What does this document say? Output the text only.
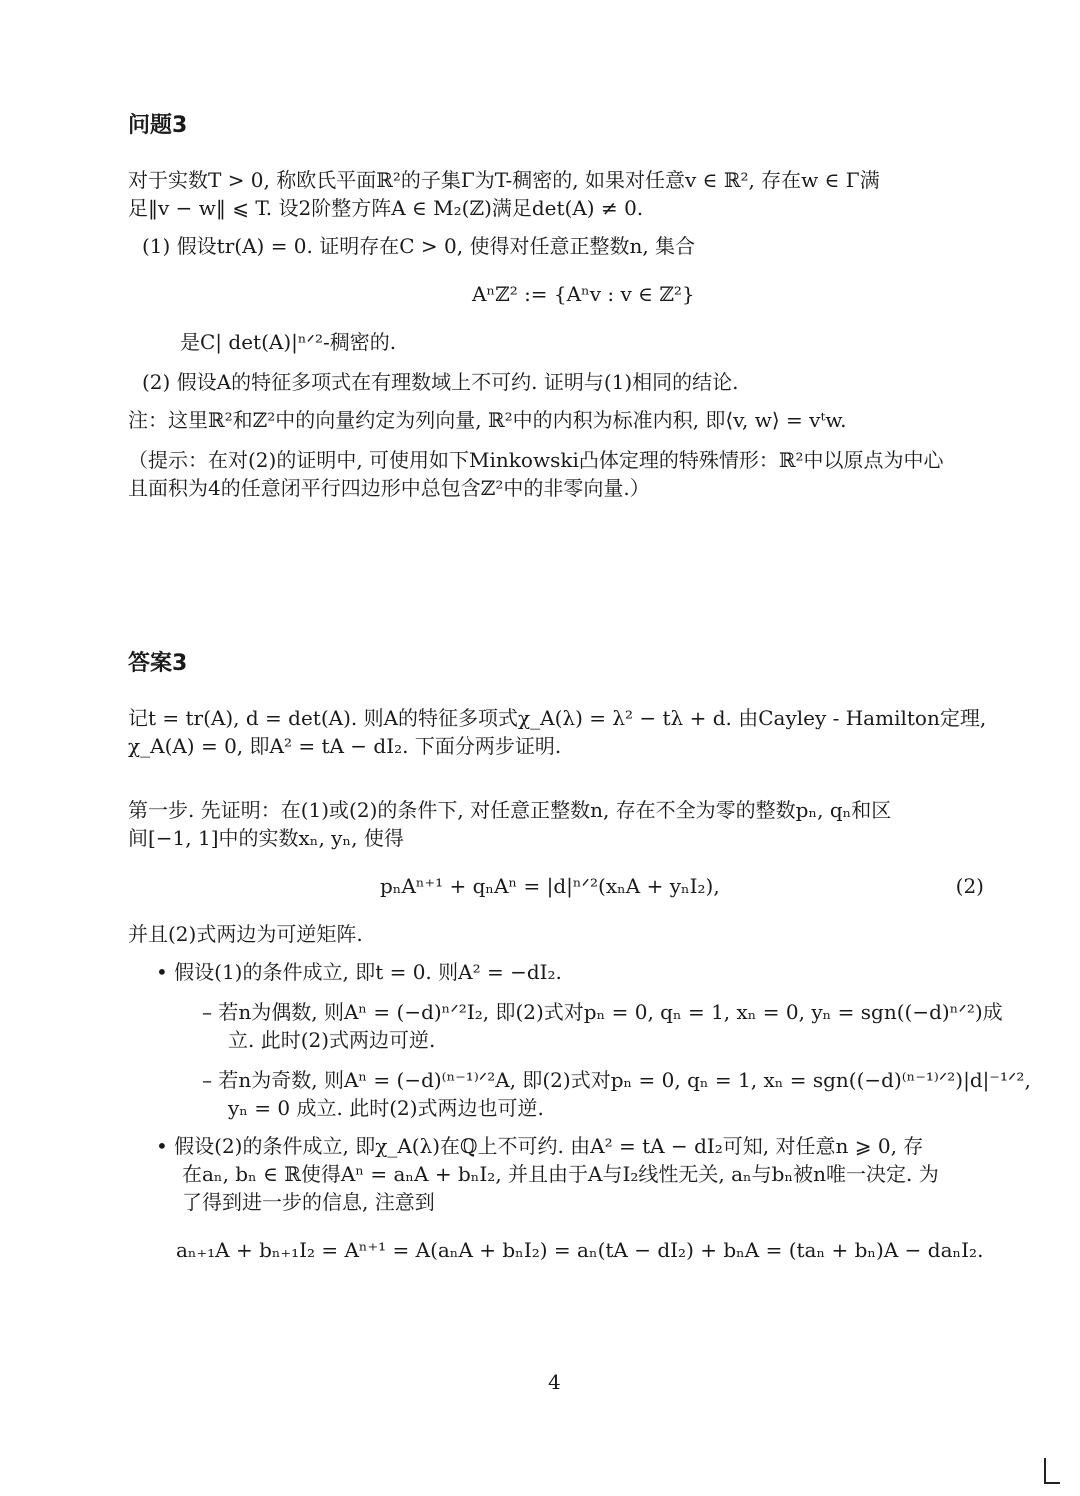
问题3
对于实数T > 0, 称欧氏平面ℝ²的子集Γ为T-稠密的, 如果对任意v ∈ ℝ², 存在w ∈ Γ满
足‖v − w‖ ⩽ T. 设2阶整方阵A ∈ M₂(ℤ)满足det(A) ≠ 0.
(1) 假设tr(A) = 0. 证明存在C > 0, 使得对任意正整数n, 集合
Aⁿℤ² := {Aⁿv : v ∈ ℤ²}
是C| det(A)|ⁿᐟ²-稠密的.
(2) 假设A的特征多项式在有理数域上不可约. 证明与(1)相同的结论.
注：这里ℝ²和ℤ²中的向量约定为列向量, ℝ²中的内积为标准内积, 即⟨v, w⟩ = vᵗw.
（提示：在对(2)的证明中, 可使用如下Minkowski凸体定理的特殊情形：ℝ²中以原点为中心
且面积为4的任意闭平行四边形中总包含ℤ²中的非零向量.）
答案3
记t = tr(A), d = det(A). 则A的特征多项式χ_A(λ) = λ² − tλ + d. 由Cayley - Hamilton定理,
χ_A(A) = 0, 即A² = tA − dI₂. 下面分两步证明.
第一步. 先证明：在(1)或(2)的条件下, 对任意正整数n, 存在不全为零的整数pₙ, qₙ和区
间[−1, 1]中的实数xₙ, yₙ, 使得
pₙAⁿ⁺¹ + qₙAⁿ = |d|ⁿᐟ²(xₙA + yₙI₂),	(2)
并且(2)式两边为可逆矩阵.
• 假设(1)的条件成立, 即t = 0. 则A² = −dI₂.
– 若n为偶数, 则Aⁿ = (−d)ⁿᐟ²I₂, 即(2)式对pₙ = 0, qₙ = 1, xₙ = 0, yₙ = sgn((−d)ⁿᐟ²)成
立. 此时(2)式两边可逆.
– 若n为奇数, 则Aⁿ = (−d)⁽ⁿ⁻¹⁾ᐟ²A, 即(2)式对pₙ = 0, qₙ = 1, xₙ = sgn((−d)⁽ⁿ⁻¹⁾ᐟ²)|d|⁻¹ᐟ²,
yₙ = 0 成立. 此时(2)式两边也可逆.
• 假设(2)的条件成立, 即χ_A(λ)在ℚ上不可约. 由A² = tA − dI₂可知, 对任意n ⩾ 0, 存
在aₙ, bₙ ∈ ℝ使得Aⁿ = aₙA + bₙI₂, 并且由于A与I₂线性无关, aₙ与bₙ被n唯一决定. 为
了得到进一步的信息, 注意到
aₙ₊₁A + bₙ₊₁I₂ = Aⁿ⁺¹ = A(aₙA + bₙI₂) = aₙ(tA − dI₂) + bₙA = (taₙ + bₙ)A − daₙI₂.
4
